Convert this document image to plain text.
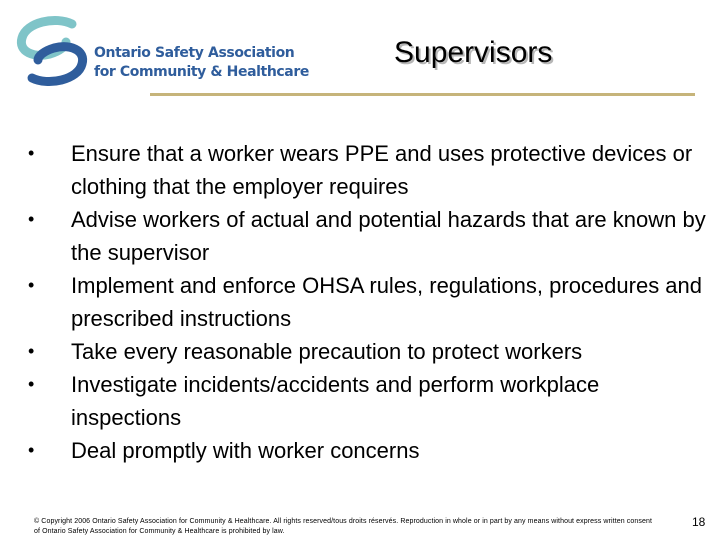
Ontario Safety Association
for Community & Healthcare
Supervisors
•	Ensure that a worker wears PPE and uses protective devices or clothing that the employer requires
•	Advise workers of actual and potential hazards that are known by the supervisor
•	Implement and enforce OHSA rules, regulations, procedures and prescribed instructions
•	Take every reasonable precaution to protect workers
•	Investigate incidents/accidents and perform workplace inspections
•	Deal promptly with worker concerns
© Copyright 2006 Ontario Safety Association for Community & Healthcare. All rights reserved/tous droits réservés. Reproduction in whole or in part by any means without express written consent of Ontario Safety Association for Community & Healthcare is prohibited by law.
18
